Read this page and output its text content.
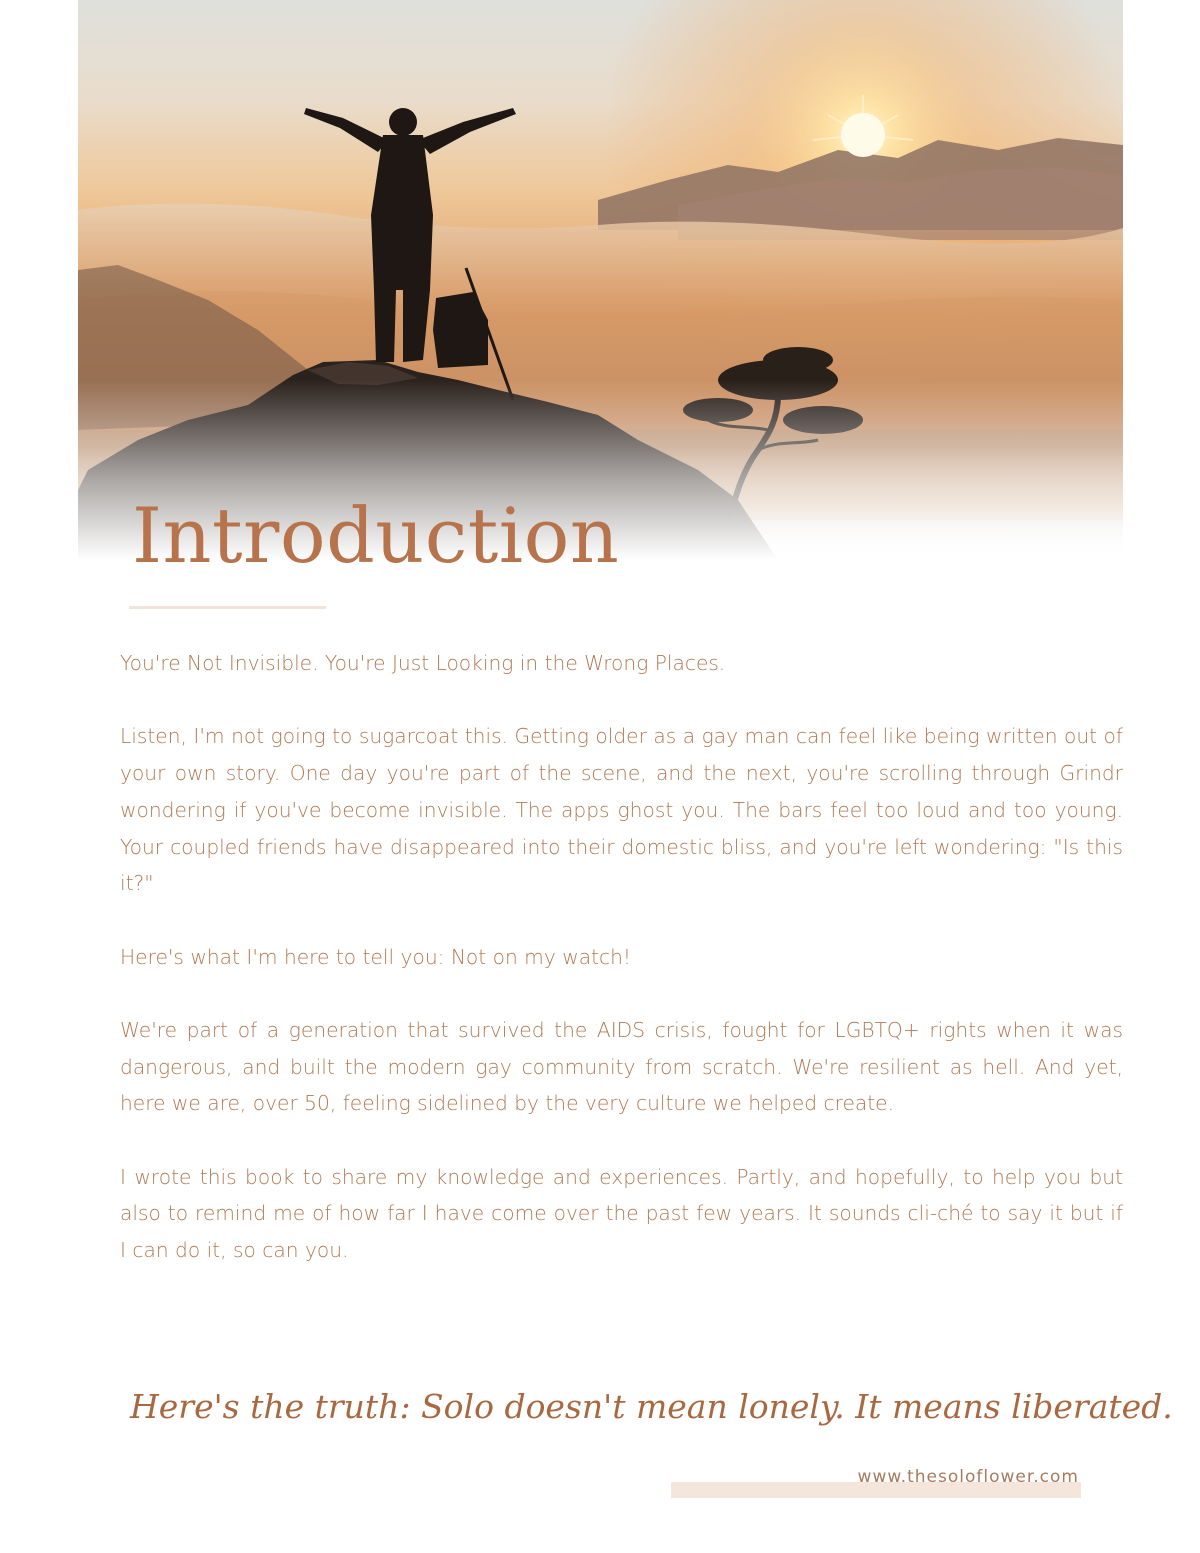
Introduction

You're Not Invisible. You're Just Looking in the Wrong Places.

Listen, I'm not going to sugarcoat this. Getting older as a gay man can feel like being written out of your own story. One day you're part of the scene, and the next, you're scrolling through Grindr wondering if you've become invisible. The apps ghost you. The bars feel too loud and too young. Your coupled friends have disappeared into their domestic bliss, and you're left wondering: "Is this it?"

Here's what I'm here to tell you: Not on my watch!

We're part of a generation that survived the AIDS crisis, fought for LGBTQ+ rights when it was dangerous, and built the modern gay community from scratch. We're resilient as hell. And yet, here we are, over 50, feeling sidelined by the very culture we helped create.

I wrote this book to share my knowledge and experiences. Partly, and hopefully, to help you but also to remind me of how far I have come over the past few years. It sounds cli-ché to say it but if I can do it, so can you.

Here's the truth: Solo doesn't mean lonely. It means liberated.

www.thesoloflower.com
